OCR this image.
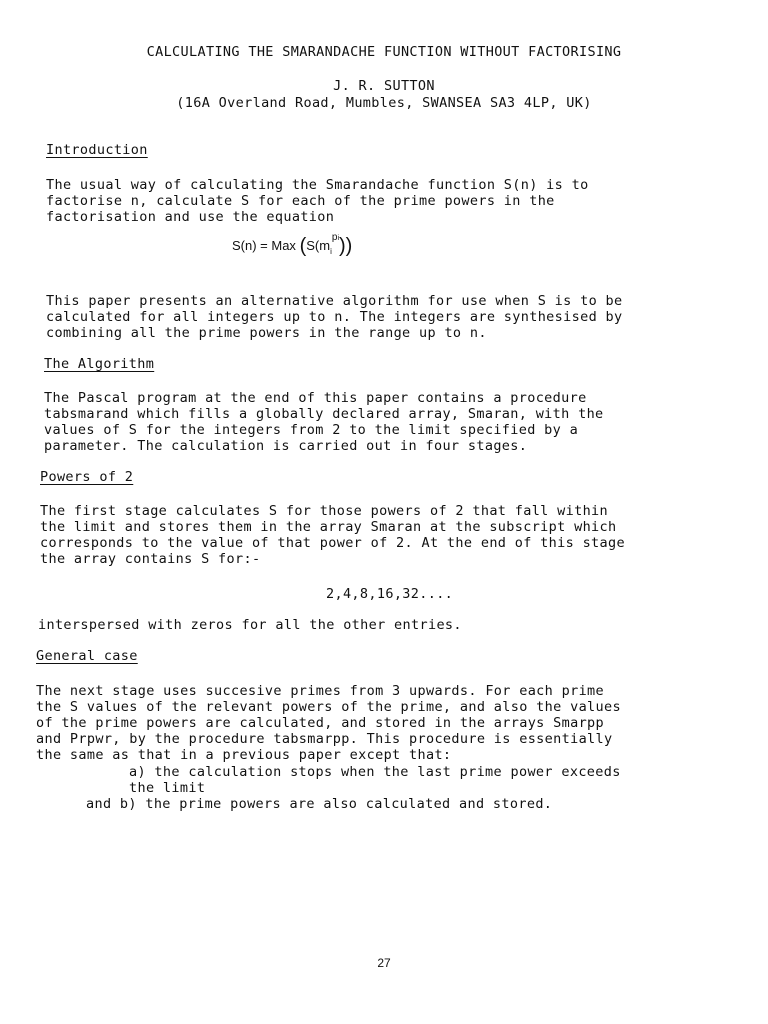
CALCULATING THE SMARANDACHE FUNCTION WITHOUT FACTORISING
J. R. SUTTON
(16A Overland Road, Mumbles, SWANSEA SA3 4LP, UK)
Introduction
The usual way of calculating the Smarandache function S(n) is to
factorise n, calculate S for each of the prime powers in the
factorisation and use the equation
S(n) = Max $(S(m_i^{pi}))$
This paper presents an alternative algorithm for use when S is to be
calculated for all integers up to n. The integers are synthesised by
combining all the prime powers in the range up to n.
The Algorithm
The Pascal program at the end of this paper contains a procedure
tabsmarand which fills a globally declared array, Smaran, with the
values of S for the integers from 2 to the limit specified by a
parameter. The calculation is carried out in four stages.
Powers of 2
The first stage calculates S for those powers of 2 that fall within
the limit and stores them in the array Smaran at the subscript which
corresponds to the value of that power of 2. At the end of this stage
the array contains S for:-
2,4,8,16,32....
interspersed with zeros for all the other entries.
General case
The next stage uses succesive primes from 3 upwards. For each prime
the S values of the relevant powers of the prime, and also the values
of the prime powers are calculated, and stored in the arrays Smarpp
and Prpwr, by the procedure tabsmarpp. This procedure is essentially
the same as that in a previous paper except that:
a) the calculation stops when the last prime power exceeds
the limit
and b) the prime powers are also calculated and stored.
27
